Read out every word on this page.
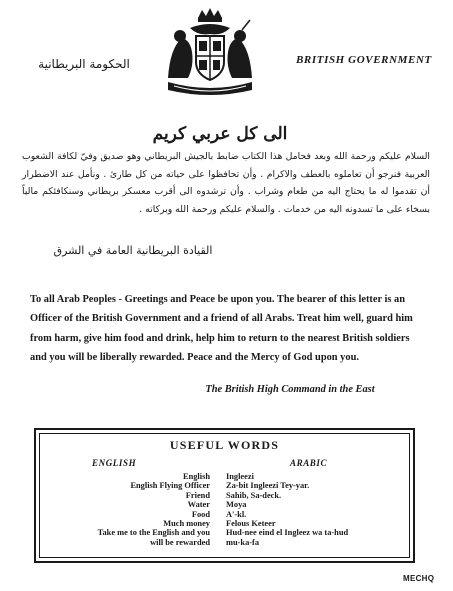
الحكومة البريطانية	BRITISH GOVERNMENT
الى كل عربي كريم
السلام عليكم ورحمة الله وبعد فحامل هذا الكتاب ضابط بالجيش البريطاني وهو صديق وفيّ لكافة الشعوب العربية فنرجو أن تعاملوه بالعطف والاكرام . وأن تحافظوا على حياته من كل طارئ . ونأمل عند الاضطرار أن تقدموا له ما يحتاج اليه من طعام وشراب . وأن ترشدوه الى أقرب معسكر بريطاني وسنكافئكم مالياً بسخاء على ما تسدونه اليه من خدمات . والسلام عليكم ورحمة الله وبركاته .
القيادة البريطانية العامة في الشرق
To all Arab Peoples - Greetings and Peace be upon you. The bearer of this letter is an Officer of the British Government and a friend of all Arabs. Treat him well, guard him from harm, give him food and drink, help him to return to the nearest British soldiers and you will be liberally rewarded. Peace and the Mercy of God upon you.
The British High Command in the East
USEFUL WORDS
ENGLISH	ARABIC
English Ingleezi
English Flying Officer Za-bit Ingleezi Tey-yar.
Friend Sahib, Sa-deck.
Water Moya
Food A'-kl.
Much money Felous Keteer
Take me to the English and you Hud-nee eind el Ingleez wa ta-hud
will be rewarded mu-ka-fa
MECHQ
